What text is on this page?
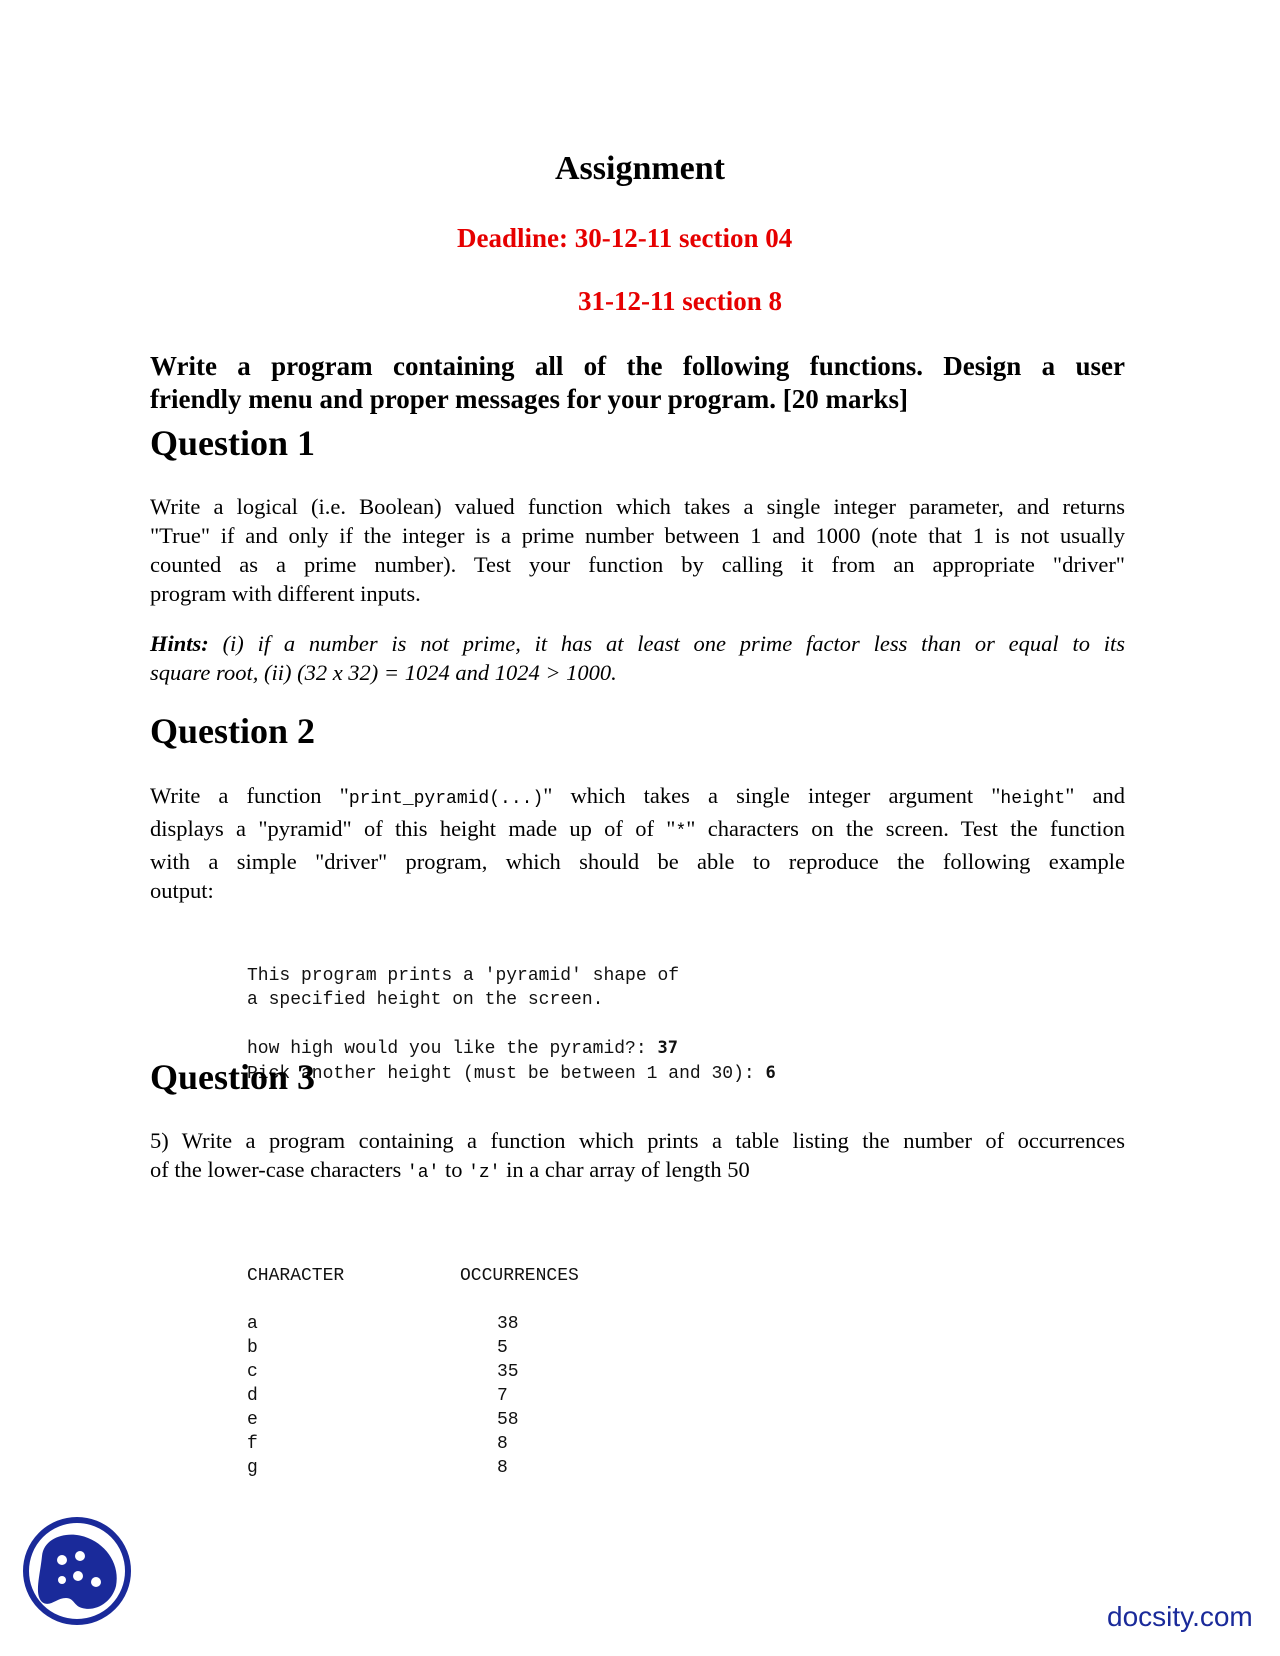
Assignment
Deadline: 30-12-11 section 04
31-12-11 section 8
Write a program containing all of the following functions. Design a user
friendly menu and proper messages for your program. [20 marks]
Question 1
Write a logical (i.e. Boolean) valued function which takes a single integer parameter, and returns
"True" if and only if the integer is a prime number between 1 and 1000 (note that 1 is not usually
counted as a prime number). Test your function by calling it from an appropriate "driver"
program with different inputs.
Hints: (i) if a number is not prime, it has at least one prime factor less than or equal to its
square root, (ii) (32 x 32) = 1024 and 1024 > 1000.
Question 2
Write a function "print_pyramid(...)" which takes a single integer argument "height" and
displays a "pyramid" of this height made up of of "*" characters on the screen. Test the function
with a simple "driver" program, which should be able to reproduce the following example
output:
This program prints a 'pyramid' shape of
a specified height on the screen.

how high would you like the pyramid?: 37
Pick another height (must be between 1 and 30): 6
Question 3
5) Write a program containing a function which prints a table listing the number of occurrences
of the lower-case characters 'a' to 'z' in a char array of length 50
CHARACTER	OCCURRENCES
a
b
c
d
e
f
g
38
5
35
7
58
8
8
docsity.com
